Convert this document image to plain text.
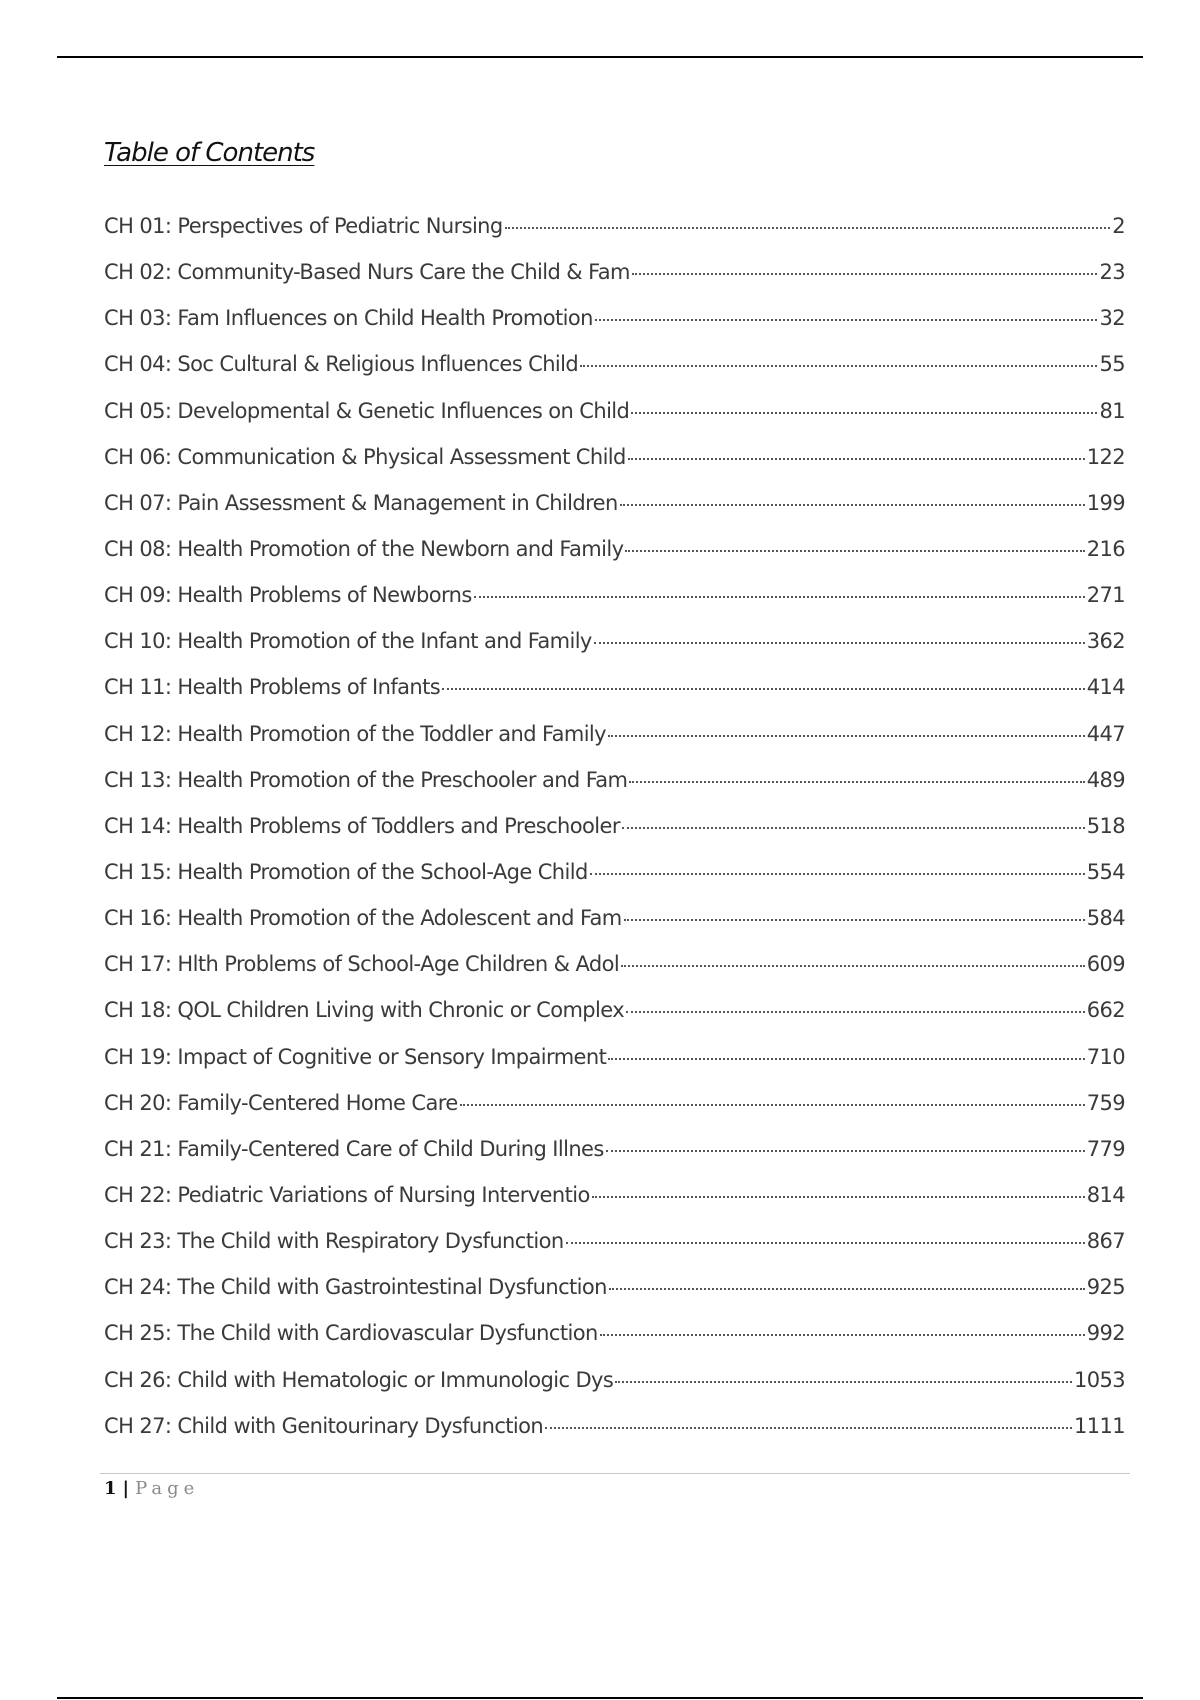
Table of Contents
CH 01: Perspectives of Pediatric Nursing	2
CH 02: Community-Based Nurs Care the Child & Fam	23
CH 03: Fam Influences on Child Health Promotion	32
CH 04: Soc Cultural & Religious Influences Child	55
CH 05: Developmental & Genetic Influences on Child	81
CH 06: Communication & Physical Assessment Child	122
CH 07: Pain Assessment & Management in Children	199
CH 08: Health Promotion of the Newborn and Family	216
CH 09: Health Problems of Newborns	271
CH 10: Health Promotion of the Infant and Family	362
CH 11: Health Problems of Infants	414
CH 12: Health Promotion of the Toddler and Family	447
CH 13: Health Promotion of the Preschooler and Fam	489
CH 14: Health Problems of Toddlers and Preschooler	518
CH 15: Health Promotion of the School-Age Child	554
CH 16: Health Promotion of the Adolescent and Fam	584
CH 17: Hlth Problems of School-Age Children & Adol	609
CH 18: QOL Children Living with Chronic or Complex	662
CH 19: Impact of Cognitive or Sensory Impairment	710
CH 20: Family-Centered Home Care	759
CH 21: Family-Centered Care of Child During Illnes	779
CH 22: Pediatric Variations of Nursing Interventio	814
CH 23: The Child with Respiratory Dysfunction	867
CH 24: The Child with Gastrointestinal Dysfunction	925
CH 25: The Child with Cardiovascular Dysfunction	992
CH 26: Child with Hematologic or Immunologic Dys	1053
CH 27: Child with Genitourinary Dysfunction	1111
1 | Page
